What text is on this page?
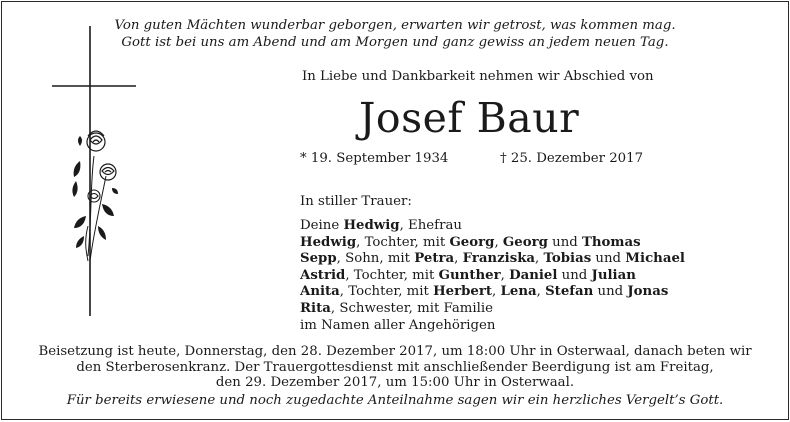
Von guten Mächten wunderbar geborgen, erwarten wir getrost, was kommen mag.
Gott ist bei uns am Abend und am Morgen und ganz gewiss an jedem neuen Tag.
In Liebe und Dankbarkeit nehmen wir Abschied von
Josef Baur
* 19. September 1934	† 25. Dezember 2017
In stiller Trauer:
Deine Hedwig, Ehefrau
Hedwig, Tochter, mit Georg, Georg und Thomas
Sepp, Sohn, mit Petra, Franziska, Tobias und Michael
Astrid, Tochter, mit Gunther, Daniel und Julian
Anita, Tochter, mit Herbert, Lena, Stefan und Jonas
Rita, Schwester, mit Familie
im Namen aller Angehörigen
Beisetzung ist heute, Donnerstag, den 28. Dezember 2017, um 18:00 Uhr in Osterwaal, danach beten wir
den Sterberosenkranz. Der Trauergottesdienst mit anschließender Beerdigung ist am Freitag,
den 29. Dezember 2017, um 15:00 Uhr in Osterwaal.
Für bereits erwiesene und noch zugedachte Anteilnahme sagen wir ein herzliches Vergelt’s Gott.
